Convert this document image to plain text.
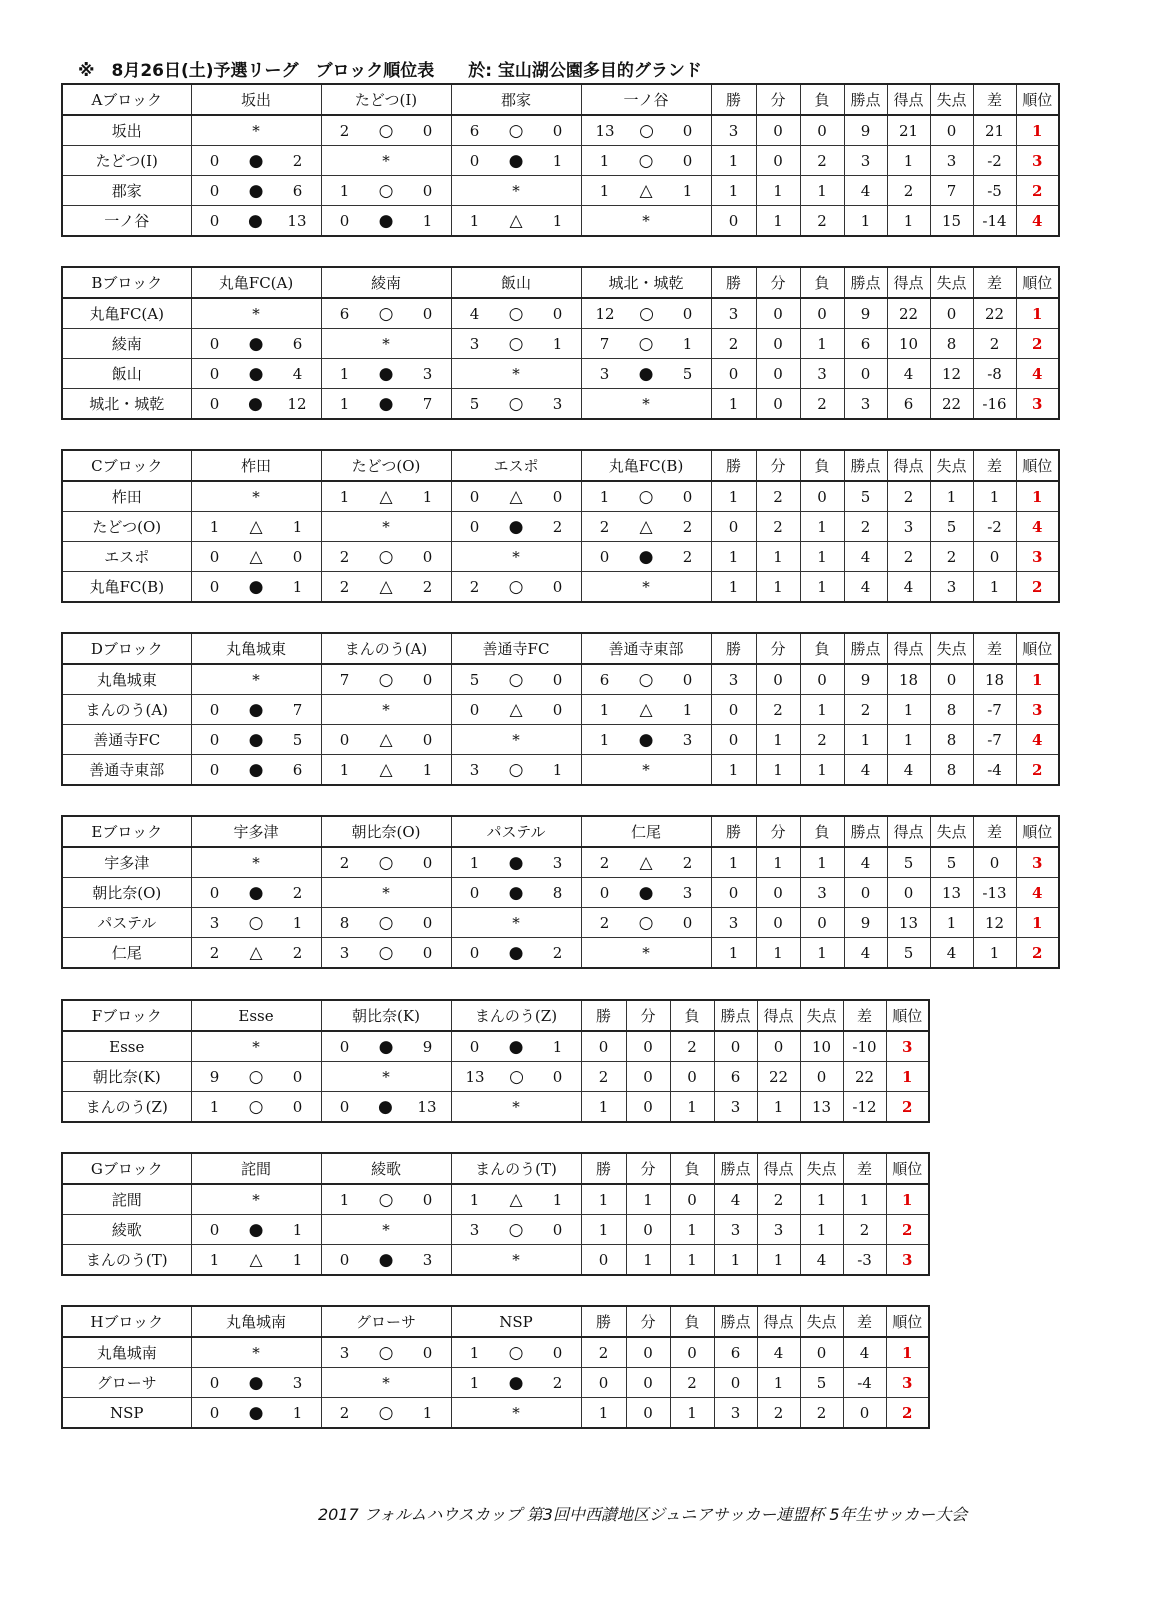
※　8月26日(土)予選リーグ　ブロック順位表 於: 宝山湖公園多目的グランド
Aブロック	坂出	たどつ(Ⅰ)	郡家	一ノ谷	勝	分	負	勝点	得点	失点	差	順位
坂出	*	2 ○ 0	6 ○ 0	13 ○ 0	3	0	0	9	21	0	21	1
たどつ(Ⅰ)	0 ● 2	*	0 ● 1	1 ○ 0	1	0	2	3	1	3	-2	3
郡家	0 ● 6	1 ○ 0	*	1 △ 1	1	1	1	4	2	7	-5	2
一ノ谷	0 ● 13	0 ● 1	1 △ 1	*	0	1	2	1	1	15	-14	4
Bブロック	丸亀FC(A)	綾南	飯山	城北・城乾	勝	分	負	勝点	得点	失点	差	順位
丸亀FC(A)	*	6 ○ 0	4 ○ 0	12 ○ 0	3	0	0	9	22	0	22	1
綾南	0 ● 6	*	3 ○ 1	7 ○ 1	2	0	1	6	10	8	2	2
飯山	0 ● 4	1 ● 3	*	3 ● 5	0	0	3	0	4	12	-8	4
城北・城乾	0 ● 12	1 ● 7	5 ○ 3	*	1	0	2	3	6	22	-16	3
Cブロック	柞田	たどつ(O)	エスポ	丸亀FC(B)	勝	分	負	勝点	得点	失点	差	順位
柞田	*	1 △ 1	0 △ 0	1 ○ 0	1	2	0	5	2	1	1	1
たどつ(O)	1 △ 1	*	0 ● 2	2 △ 2	0	2	1	2	3	5	-2	4
エスポ	0 △ 0	2 ○ 0	*	0 ● 2	1	1	1	4	2	2	0	3
丸亀FC(B)	0 ● 1	2 △ 2	2 ○ 0	*	1	1	1	4	4	3	1	2
Dブロック	丸亀城東	まんのう(A)	善通寺FC	善通寺東部	勝	分	負	勝点	得点	失点	差	順位
丸亀城東	*	7 ○ 0	5 ○ 0	6 ○ 0	3	0	0	9	18	0	18	1
まんのう(A)	0 ● 7	*	0 △ 0	1 △ 1	0	2	1	2	1	8	-7	3
善通寺FC	0 ● 5	0 △ 0	*	1 ● 3	0	1	2	1	1	8	-7	4
善通寺東部	0 ● 6	1 △ 1	3 ○ 1	*	1	1	1	4	4	8	-4	2
Eブロック	宇多津	朝比奈(O)	パステル	仁尾	勝	分	負	勝点	得点	失点	差	順位
宇多津	*	2 ○ 0	1 ● 3	2 △ 2	1	1	1	4	5	5	0	3
朝比奈(O)	0 ● 2	*	0 ● 8	0 ● 3	0	0	3	0	0	13	-13	4
パステル	3 ○ 1	8 ○ 0	*	2 ○ 0	3	0	0	9	13	1	12	1
仁尾	2 △ 2	3 ○ 0	0 ● 2	*	1	1	1	4	5	4	1	2
Fブロック	Esse	朝比奈(K)	まんのう(Z)	勝	分	負	勝点	得点	失点	差	順位
Esse	*	0 ● 9	0 ● 1	0	0	2	0	0	10	-10	3
朝比奈(K)	9 ○ 0	*	13 ○ 0	2	0	0	6	22	0	22	1
まんのう(Z)	1 ○ 0	0 ● 13	*	1	0	1	3	1	13	-12	2
Gブロック	詫間	綾歌	まんのう(T)	勝	分	負	勝点	得点	失点	差	順位
詫間	*	1 ○ 0	1 △ 1	1	1	0	4	2	1	1	1
綾歌	0 ● 1	*	3 ○ 0	1	0	1	3	3	1	2	2
まんのう(T)	1 △ 1	0 ● 3	*	0	1	1	1	1	4	-3	3
Hブロック	丸亀城南	グローサ	NSP	勝	分	負	勝点	得点	失点	差	順位
丸亀城南	*	3 ○ 0	1 ○ 0	2	0	0	6	4	0	4	1
グローサ	0 ● 3	*	1 ● 2	0	0	2	0	1	5	-4	3
NSP	0 ● 1	2 ○ 1	*	1	0	1	3	2	2	0	2
2017 フォルムハウスカップ 第3回中西讃地区ジュニアサッカー連盟杯 5年生サッカー大会
